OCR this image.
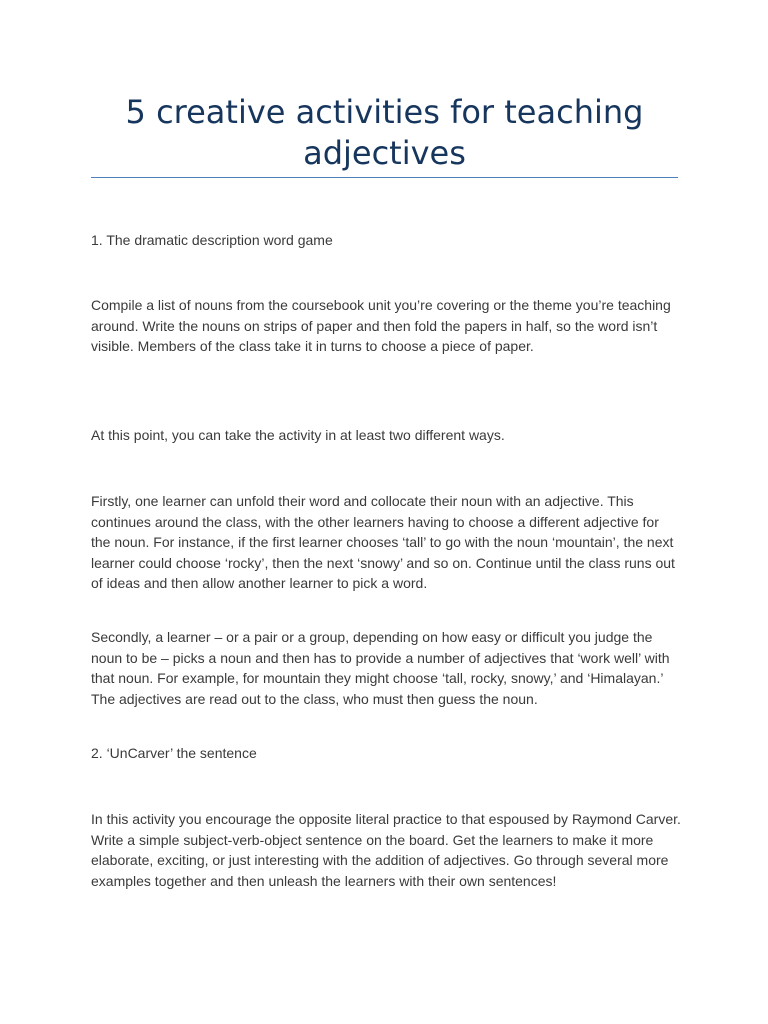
5 creative activities for teaching adjectives

1. The dramatic description word game

Compile a list of nouns from the coursebook unit you’re covering or the theme you’re teaching around. Write the nouns on strips of paper and then fold the papers in half, so the word isn’t visible. Members of the class take it in turns to choose a piece of paper.

At this point, you can take the activity in at least two different ways.

Firstly, one learner can unfold their word and collocate their noun with an adjective. This continues around the class, with the other learners having to choose a different adjective for the noun. For instance, if the first learner chooses ‘tall’ to go with the noun ‘mountain’, the next learner could choose ‘rocky’, then the next ‘snowy’ and so on. Continue until the class runs out of ideas and then allow another learner to pick a word.

Secondly, a learner – or a pair or a group, depending on how easy or difficult you judge the noun to be – picks a noun and then has to provide a number of adjectives that ‘work well’ with that noun. For example, for mountain they might choose ‘tall, rocky, snowy,’ and ‘Himalayan.’ The adjectives are read out to the class, who must then guess the noun.

2. ‘UnCarver’ the sentence

In this activity you encourage the opposite literal practice to that espoused by Raymond Carver. Write a simple subject-verb-object sentence on the board. Get the learners to make it more elaborate, exciting, or just interesting with the addition of adjectives. Go through several more examples together and then unleash the learners with their own sentences!
